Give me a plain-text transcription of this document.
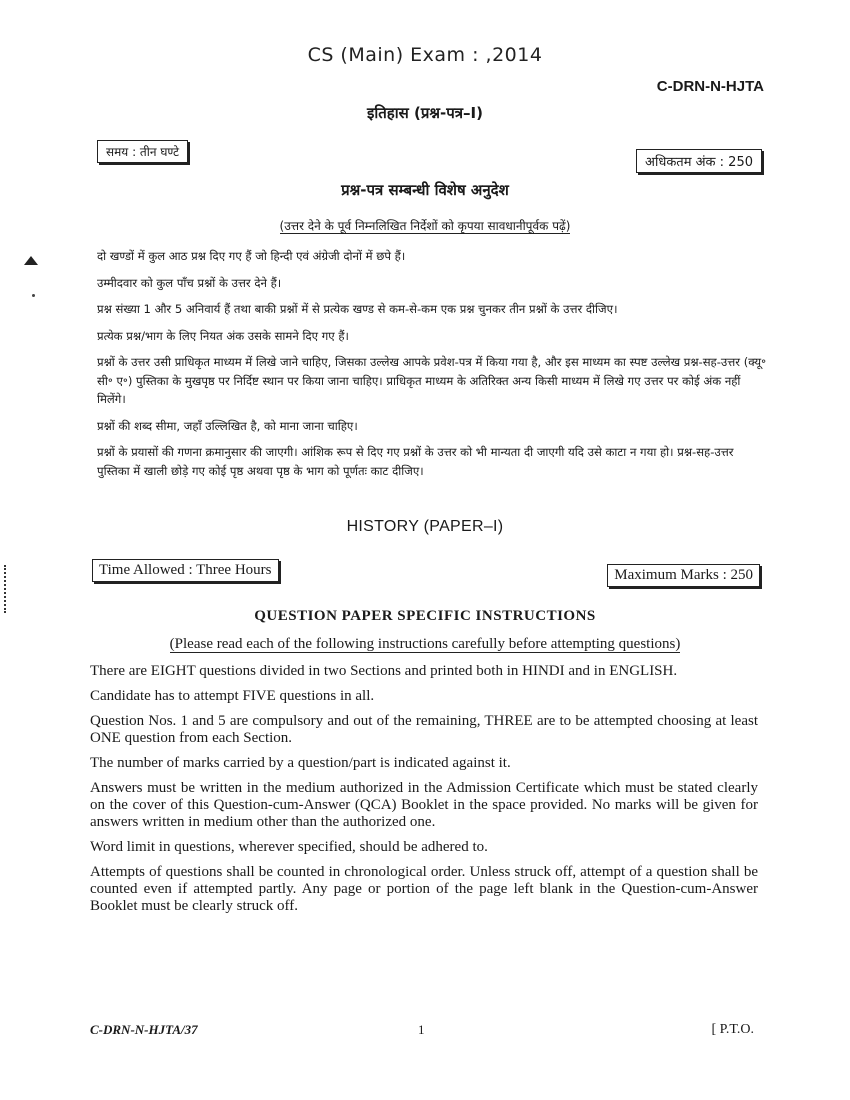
CS (Main) Exam : ,2014
C-DRN-N-HJTA
इतिहास (प्रश्न-पत्र–I)
समय : तीन घण्टे
अधिकतम अंक : 250
प्रश्न-पत्र सम्बन्धी विशेष अनुदेश
(उत्तर देने के पूर्व निम्नलिखित निर्देशों को कृपया सावधानीपूर्वक पढ़ें)

दो खण्डों में कुल आठ प्रश्न दिए गए हैं जो हिन्दी एवं अंग्रेजी दोनों में छपे हैं।

उम्मीदवार को कुल पाँच प्रश्नों के उत्तर देने हैं।

प्रश्न संख्या 1 और 5 अनिवार्य हैं तथा बाकी प्रश्नों में से प्रत्येक खण्ड से कम-से-कम एक प्रश्न चुनकर तीन प्रश्नों के उत्तर दीजिए।

प्रत्येक प्रश्न/भाग के लिए नियत अंक उसके सामने दिए गए हैं।

प्रश्नों के उत्तर उसी प्राधिकृत माध्यम में लिखे जाने चाहिए, जिसका उल्लेख आपके प्रवेश-पत्र में किया गया है, और इस माध्यम का स्पष्ट उल्लेख प्रश्न-सह-उत्तर (क्यू॰ सी॰ ए॰) पुस्तिका के मुखपृष्ठ पर निर्दिष्ट स्थान पर किया जाना चाहिए। प्राधिकृत माध्यम के अतिरिक्त अन्य किसी माध्यम में लिखे गए उत्तर पर कोई अंक नहीं मिलेंगे।

प्रश्नों की शब्द सीमा, जहाँ उल्लिखित है, को माना जाना चाहिए।

प्रश्नों के प्रयासों की गणना क्रमानुसार की जाएगी। आंशिक रूप से दिए गए प्रश्नों के उत्तर को भी मान्यता दी जाएगी यदि उसे काटा न गया हो। प्रश्न-सह-उत्तर पुस्तिका में खाली छोड़े गए कोई पृष्ठ अथवा पृष्ठ के भाग को पूर्णतः काट दीजिए।

HISTORY (PAPER–I)
Time Allowed : Three Hours	Maximum Marks : 250
QUESTION PAPER SPECIFIC INSTRUCTIONS
(Please read each of the following instructions carefully before attempting questions)

There are EIGHT questions divided in two Sections and printed both in HINDI and in ENGLISH.

Candidate has to attempt FIVE questions in all.

Question Nos. 1 and 5 are compulsory and out of the remaining, THREE are to be attempted choosing at least ONE question from each Section.

The number of marks carried by a question/part is indicated against it.

Answers must be written in the medium authorized in the Admission Certificate which must be stated clearly on the cover of this Question-cum-Answer (QCA) Booklet in the space provided. No marks will be given for answers written in medium other than the authorized one.

Word limit in questions, wherever specified, should be adhered to.

Attempts of questions shall be counted in chronological order. Unless struck off, attempt of a question shall be counted even if attempted partly. Any page or portion of the page left blank in the Question-cum-Answer Booklet must be clearly struck off.

C-DRN-N-HJTA/37	1	[ P.T.O.
